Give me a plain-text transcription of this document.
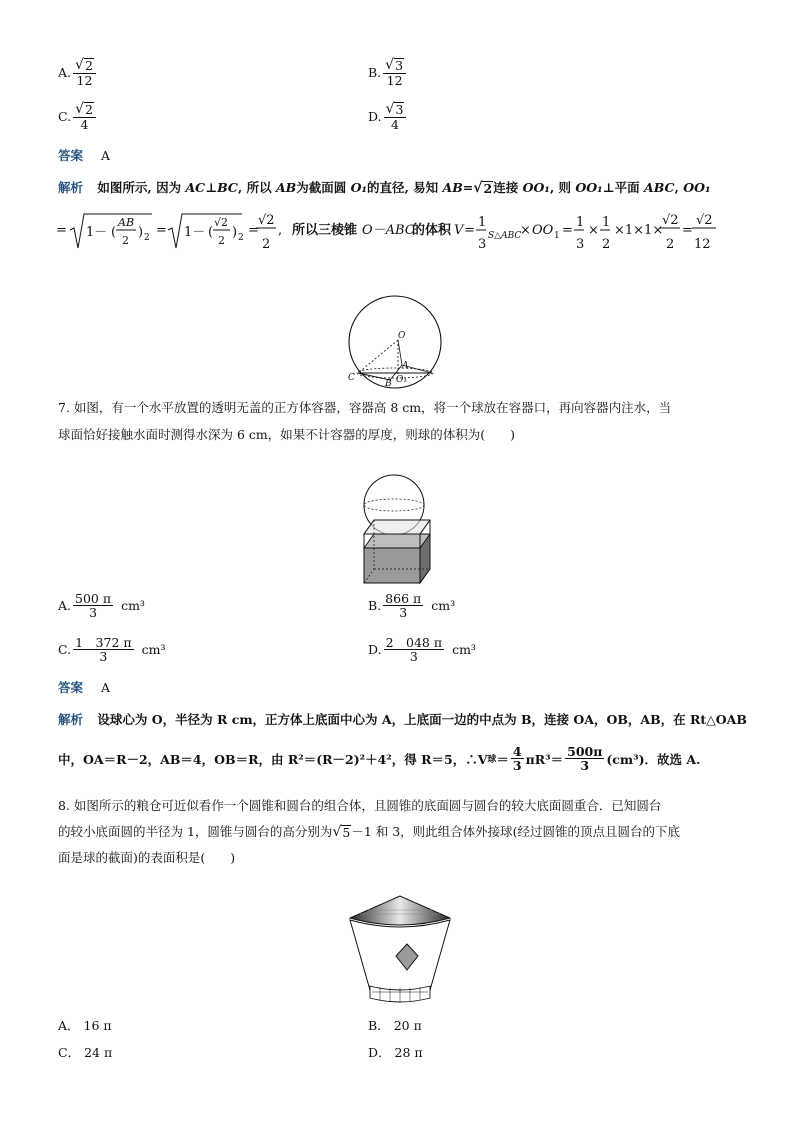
A. $\frac{√ 2}{12}$	B. $\frac{√ 3}{12}$
C. $\frac{√ 2}{4}$	D. $\frac{√ 3}{4}$
答案 A
解析 如图所示, 因为 AC⊥BC, 所以 AB为截面圆 O₁的直径, 易知 AB= √ 2 连接 OO₁, 则 OO₁⊥平面 ABC, OO₁
= 1－ (
AB
2
) 2 = 1－ (
√2
2
) 2 =
√2
2
, 所以三棱锥 O－ABC
的体积 V =
1
3
S△ABC
× OO 1 =
1
3
×
1
2
×1×1×
√2
2
=
√2
12
O
A
B
C	O₁
7. 如图，有一个水平放置的透明无盖的正方体容器，容器高 8 cm，将一个球放在容器口，再向容器内注水，当
球面恰好接触水面时测得水深为 6 cm，如果不计容器的厚度，则球的体积为(　　)
A. $\frac{500 \pi}{3} cm^3$	B. $\frac{866 \pi}{3} cm^3$
C. $\frac{1 372 \pi}{3} cm^3$	D. $\frac{2 048 \pi}{3} cm^3$
答案 A
解析 设球心为 O，半径为 R cm，正方体上底面中心为 A，上底面一边的中点为 B，连接 OA，OB，AB，在 Rt△OAB
中，OA＝R－2，AB＝4，OB＝R，由 R²＝(R－2)²＋4²，得 R＝5，∴V 球 ＝ $\frac{4}{3} \pi R^3= \frac{500\pi}{3} (cm^3)$．故选 A.
8. 如图所示的粮仓可近似看作一个圆锥和圆台的组合体，且圆锥的底面圆与圆台的较大底面圆重合．已知圆台
的较小底面圆的半径为 1，圆锥与圆台的高分别为 √ 5 －1 和 3，则此组合体外接球(经过圆锥的顶点且圆台的下底
面是球的截面)的表面积是(　　)
A． 16 π	B． 20 π
C． 24 π	D． 28 π
